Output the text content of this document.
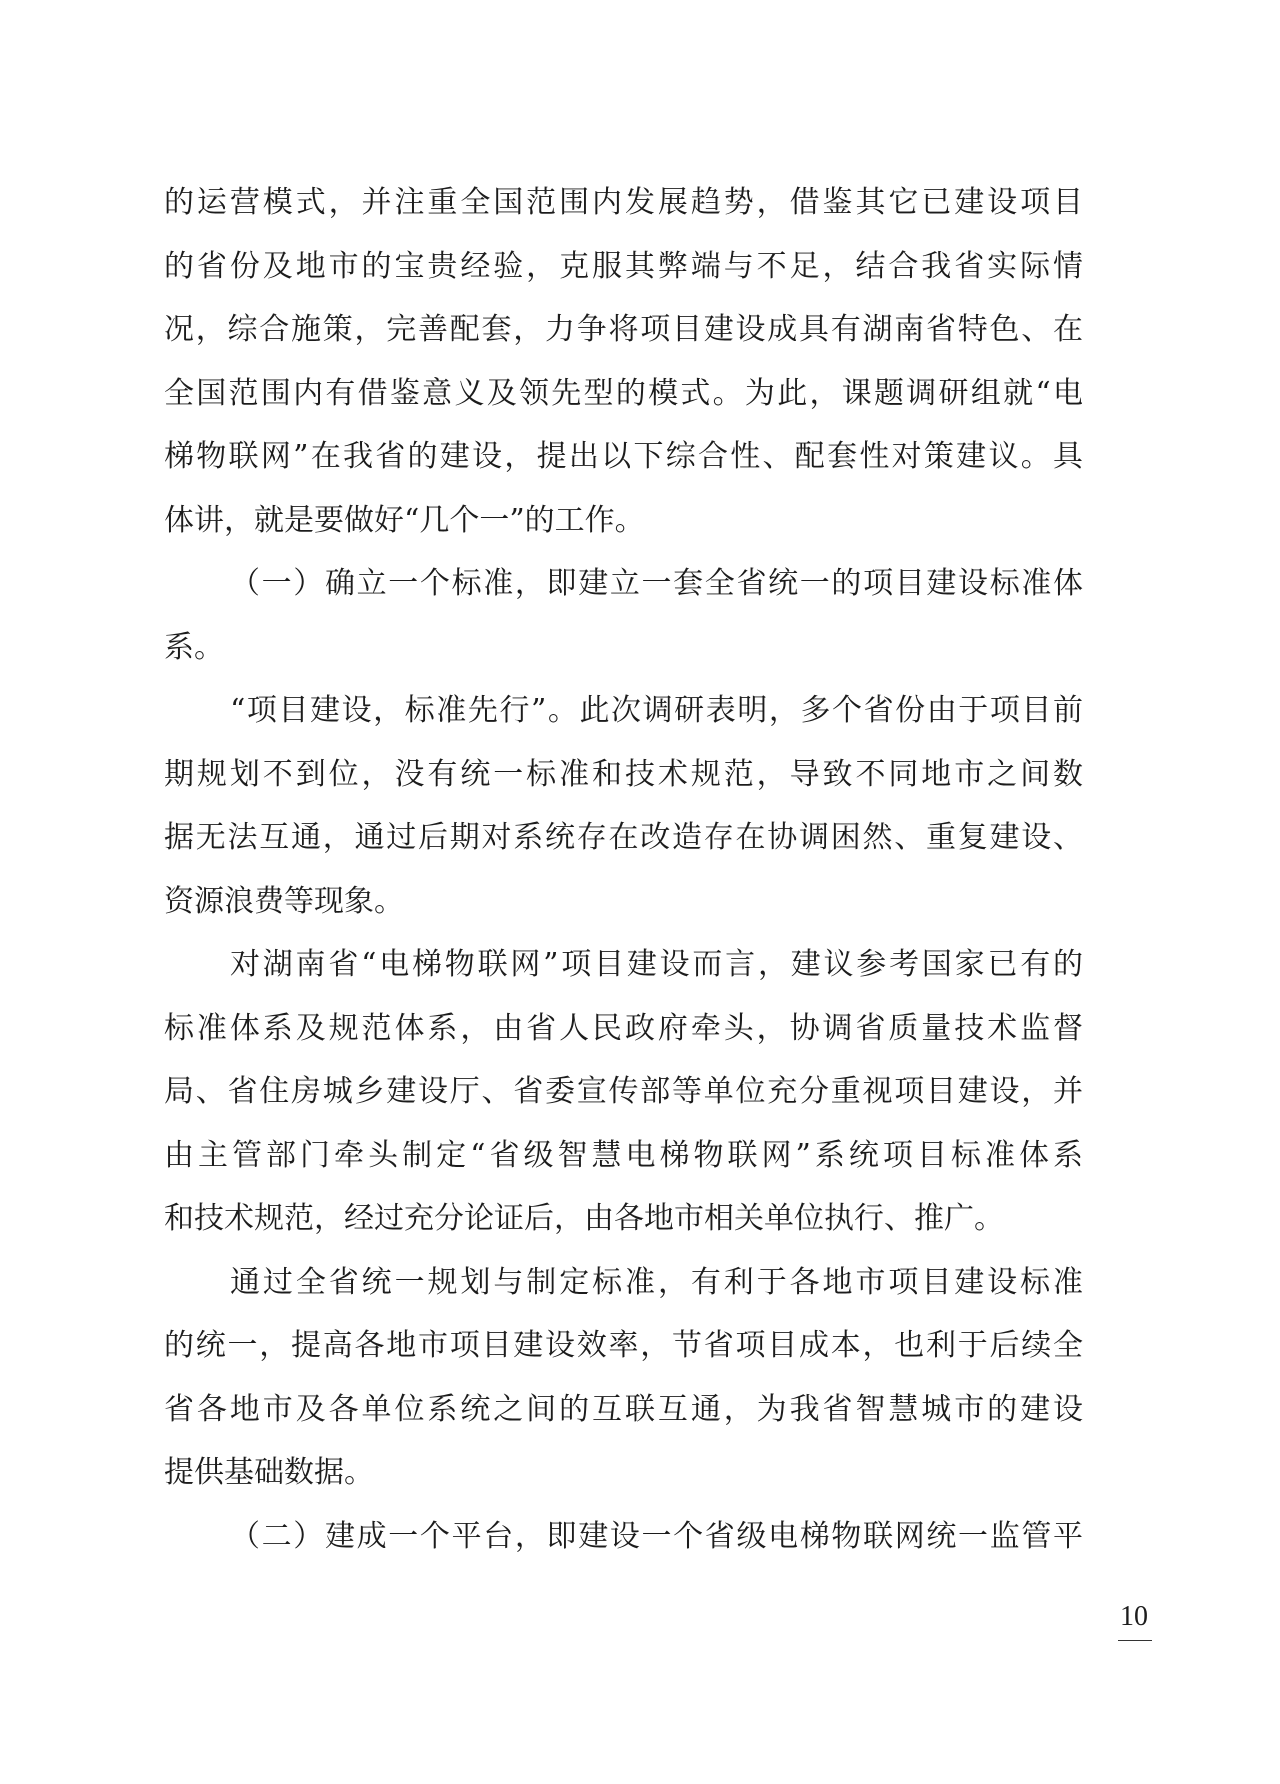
的运营模式，并注重全国范围内发展趋势，借鉴其它已建设项目
的省份及地市的宝贵经验，克服其弊端与不足，结合我省实际情
况，综合施策，完善配套，力争将项目建设成具有湖南省特色、在
全国范围内有借鉴意义及领先型的模式。为此，课题调研组就“电
梯物联网”在我省的建设，提出以下综合性、配套性对策建议。具
体讲，就是要做好“几个一”的工作。
（一）确立一个标准，即建立一套全省统一的项目建设标准体
系。
“项目建设，标准先行”。此次调研表明，多个省份由于项目前
期规划不到位，没有统一标准和技术规范，导致不同地市之间数
据无法互通，通过后期对系统存在改造存在协调困然、重复建设、
资源浪费等现象。
对湖南省“电梯物联网”项目建设而言，建议参考国家已有的
标准体系及规范体系，由省人民政府牵头，协调省质量技术监督
局、省住房城乡建设厅、省委宣传部等单位充分重视项目建设，并
由主管部门牵头制定“省级智慧电梯物联网”系统项目标准体系
和技术规范，经过充分论证后，由各地市相关单位执行、推广。
通过全省统一规划与制定标准，有利于各地市项目建设标准
的统一，提高各地市项目建设效率，节省项目成本，也利于后续全
省各地市及各单位系统之间的互联互通，为我省智慧城市的建设
提供基础数据。
（二）建成一个平台，即建设一个省级电梯物联网统一监管平
10
